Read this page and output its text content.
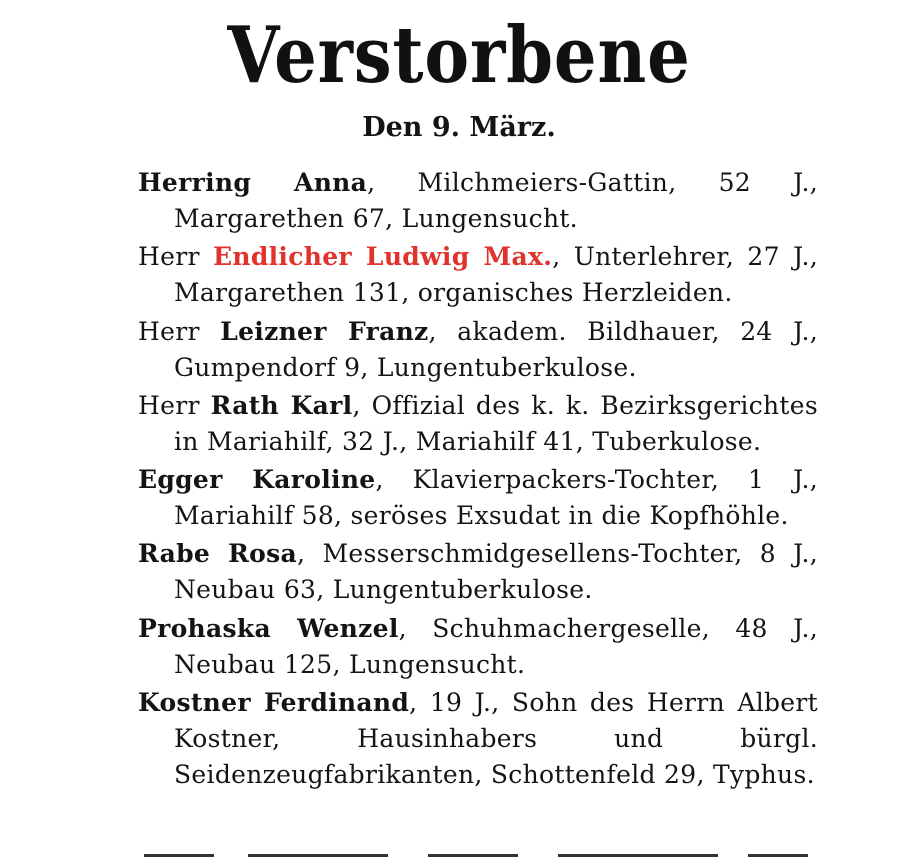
Verstorbene
Den 9. März.

Herring Anna, Milchmeiers-Gattin, 52 J., Margarethen 67, Lungensucht.

Herr Endlicher Ludwig Max., Unterlehrer, 27 J., Margarethen 131, organisches Herzleiden.

Herr Leizner Franz, akadem. Bildhauer, 24 J., Gumpendorf 9, Lungentuberkulose.

Herr Rath Karl, Offizial des k. k. Bezirksgerichtes in Mariahilf, 32 J., Mariahilf 41, Tuberkulose.

Egger Karoline, Klavierpackers-Tochter, 1 J., Mariahilf 58, seröses Exsudat in die Kopfhöhle.

Rabe Rosa, Messerschmidgesellens-Tochter, 8 J., Neubau 63, Lungentuberkulose.

Prohaska Wenzel, Schuhmachergeselle, 48 J., Neubau 125, Lungensucht.

Kostner Ferdinand, 19 J., Sohn des Herrn Albert Kostner, Hausinhabers und bürgl. Seidenzeugfabrikanten, Schottenfeld 29, Typhus.
